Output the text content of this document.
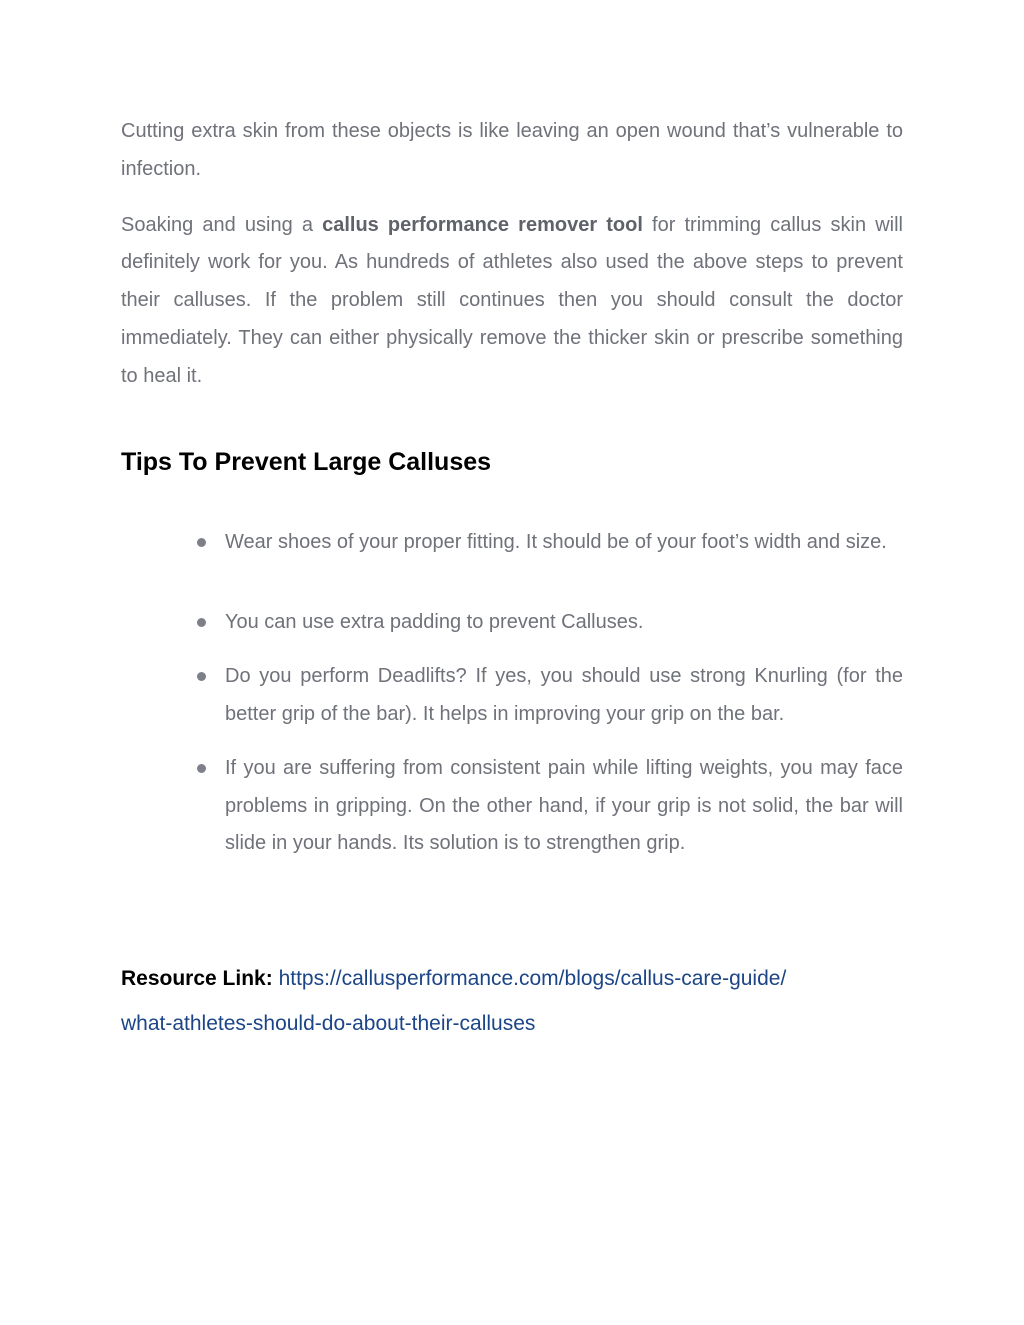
Cutting extra skin from these objects is like leaving an open wound that’s vulnerable to infection.

Soaking and using a callus performance remover tool for trimming callus skin will definitely work for you. As hundreds of athletes also used the above steps to prevent their calluses. If the problem still continues then you should consult the doctor immediately. They can either physically remove the thicker skin or prescribe something to heal it.

Tips To Prevent Large Calluses
Wear shoes of your proper fitting. It should be of your foot’s width and size.
You can use extra padding to prevent Calluses.
Do you perform Deadlifts? If yes, you should use strong Knurling (for the better grip of the bar). It helps in improving your grip on the bar.
If you are suffering from consistent pain while lifting weights, you may face problems in gripping. On the other hand, if your grip is not solid, the bar will slide in your hands. Its solution is to strengthen grip.
Resource Link: https://callusperformance.com/blogs/callus-care-guide/
what-athletes-should-do-about-their-calluses
